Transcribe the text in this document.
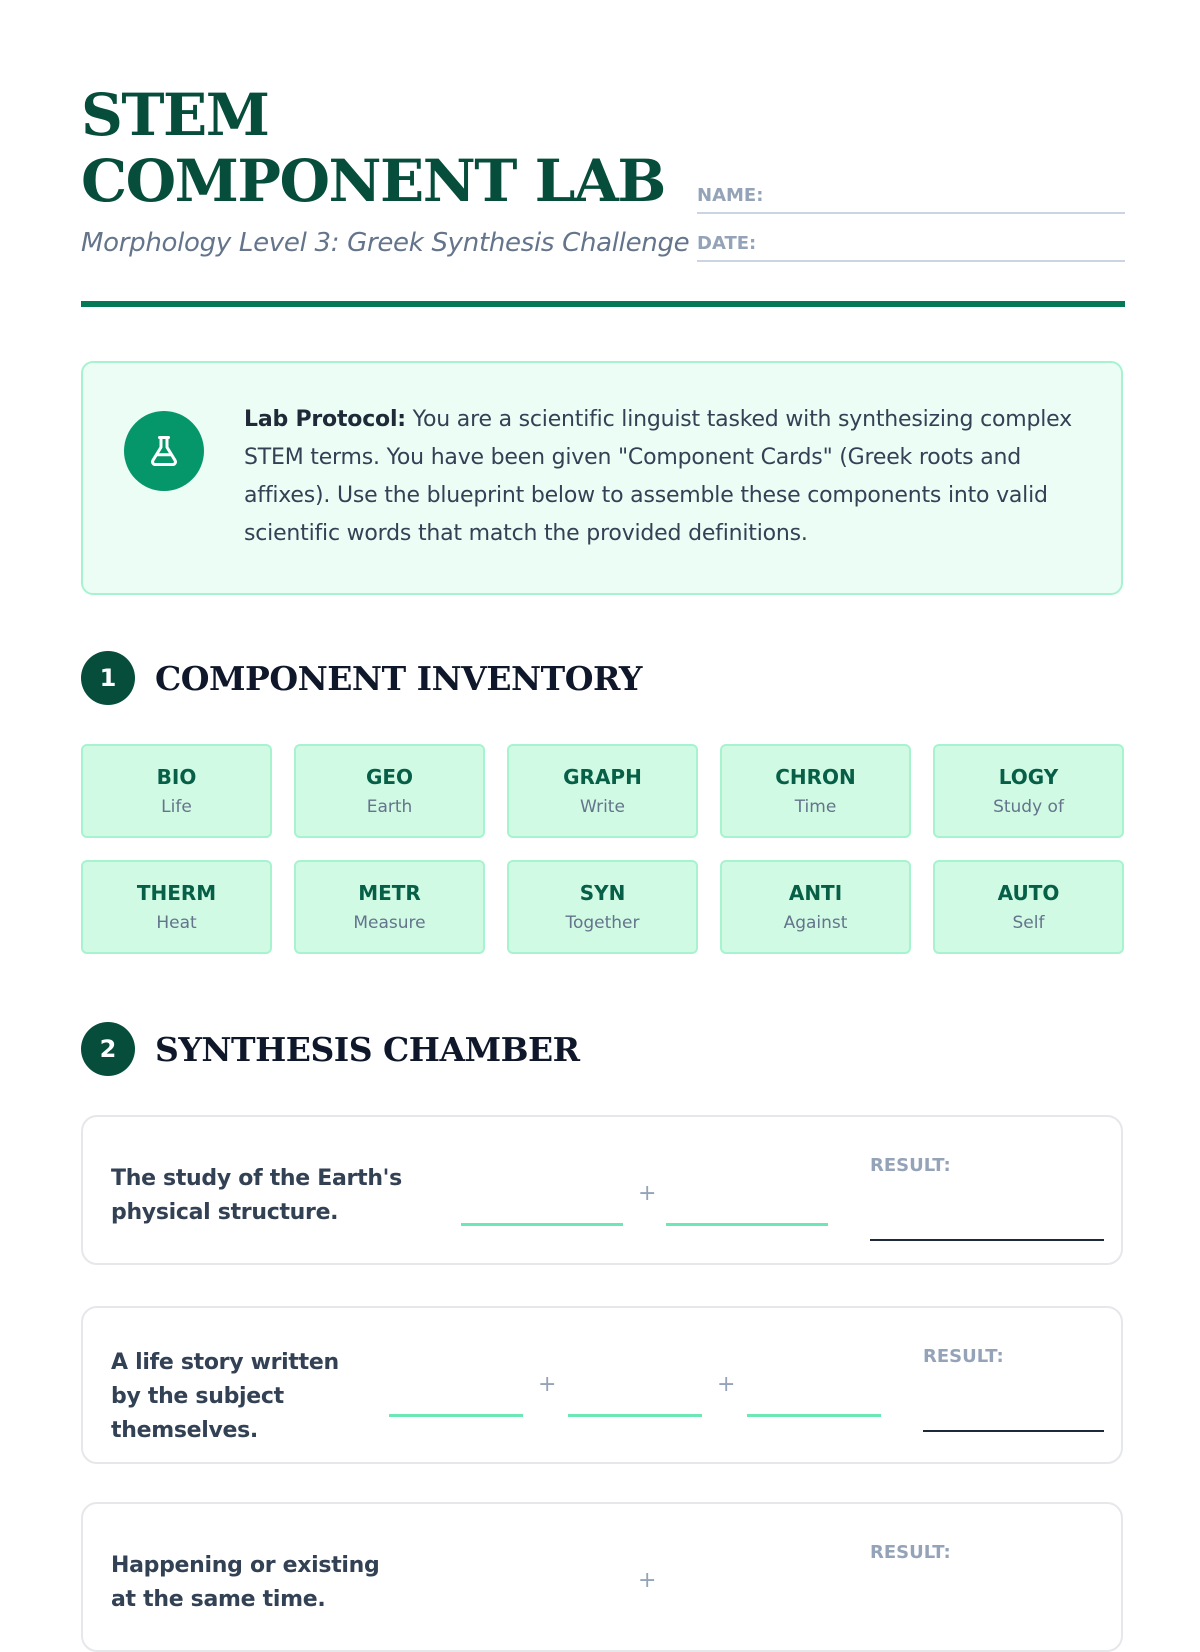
STEM COMPONENT LAB
Morphology Level 3: Greek Synthesis Challenge
NAME:
DATE:
Lab Protocol: You are a scientific linguist tasked with synthesizing complex STEM terms. You have been given "Component Cards" (Greek roots and affixes). Use the blueprint below to assemble these components into valid scientific words that match the provided definitions.
1	COMPONENT INVENTORY
BIO
Life
GEO
Earth
GRAPH
Write
CHRON
Time
LOGY
Study of
THERM
Heat
METR
Measure
SYN
Together
ANTI
Against
AUTO
Self
2	SYNTHESIS CHAMBER
The study of the Earth's physical structure.
+
RESULT:
A life story written by the subject themselves.
+	+
RESULT:
Happening or existing at the same time.
+
RESULT:
